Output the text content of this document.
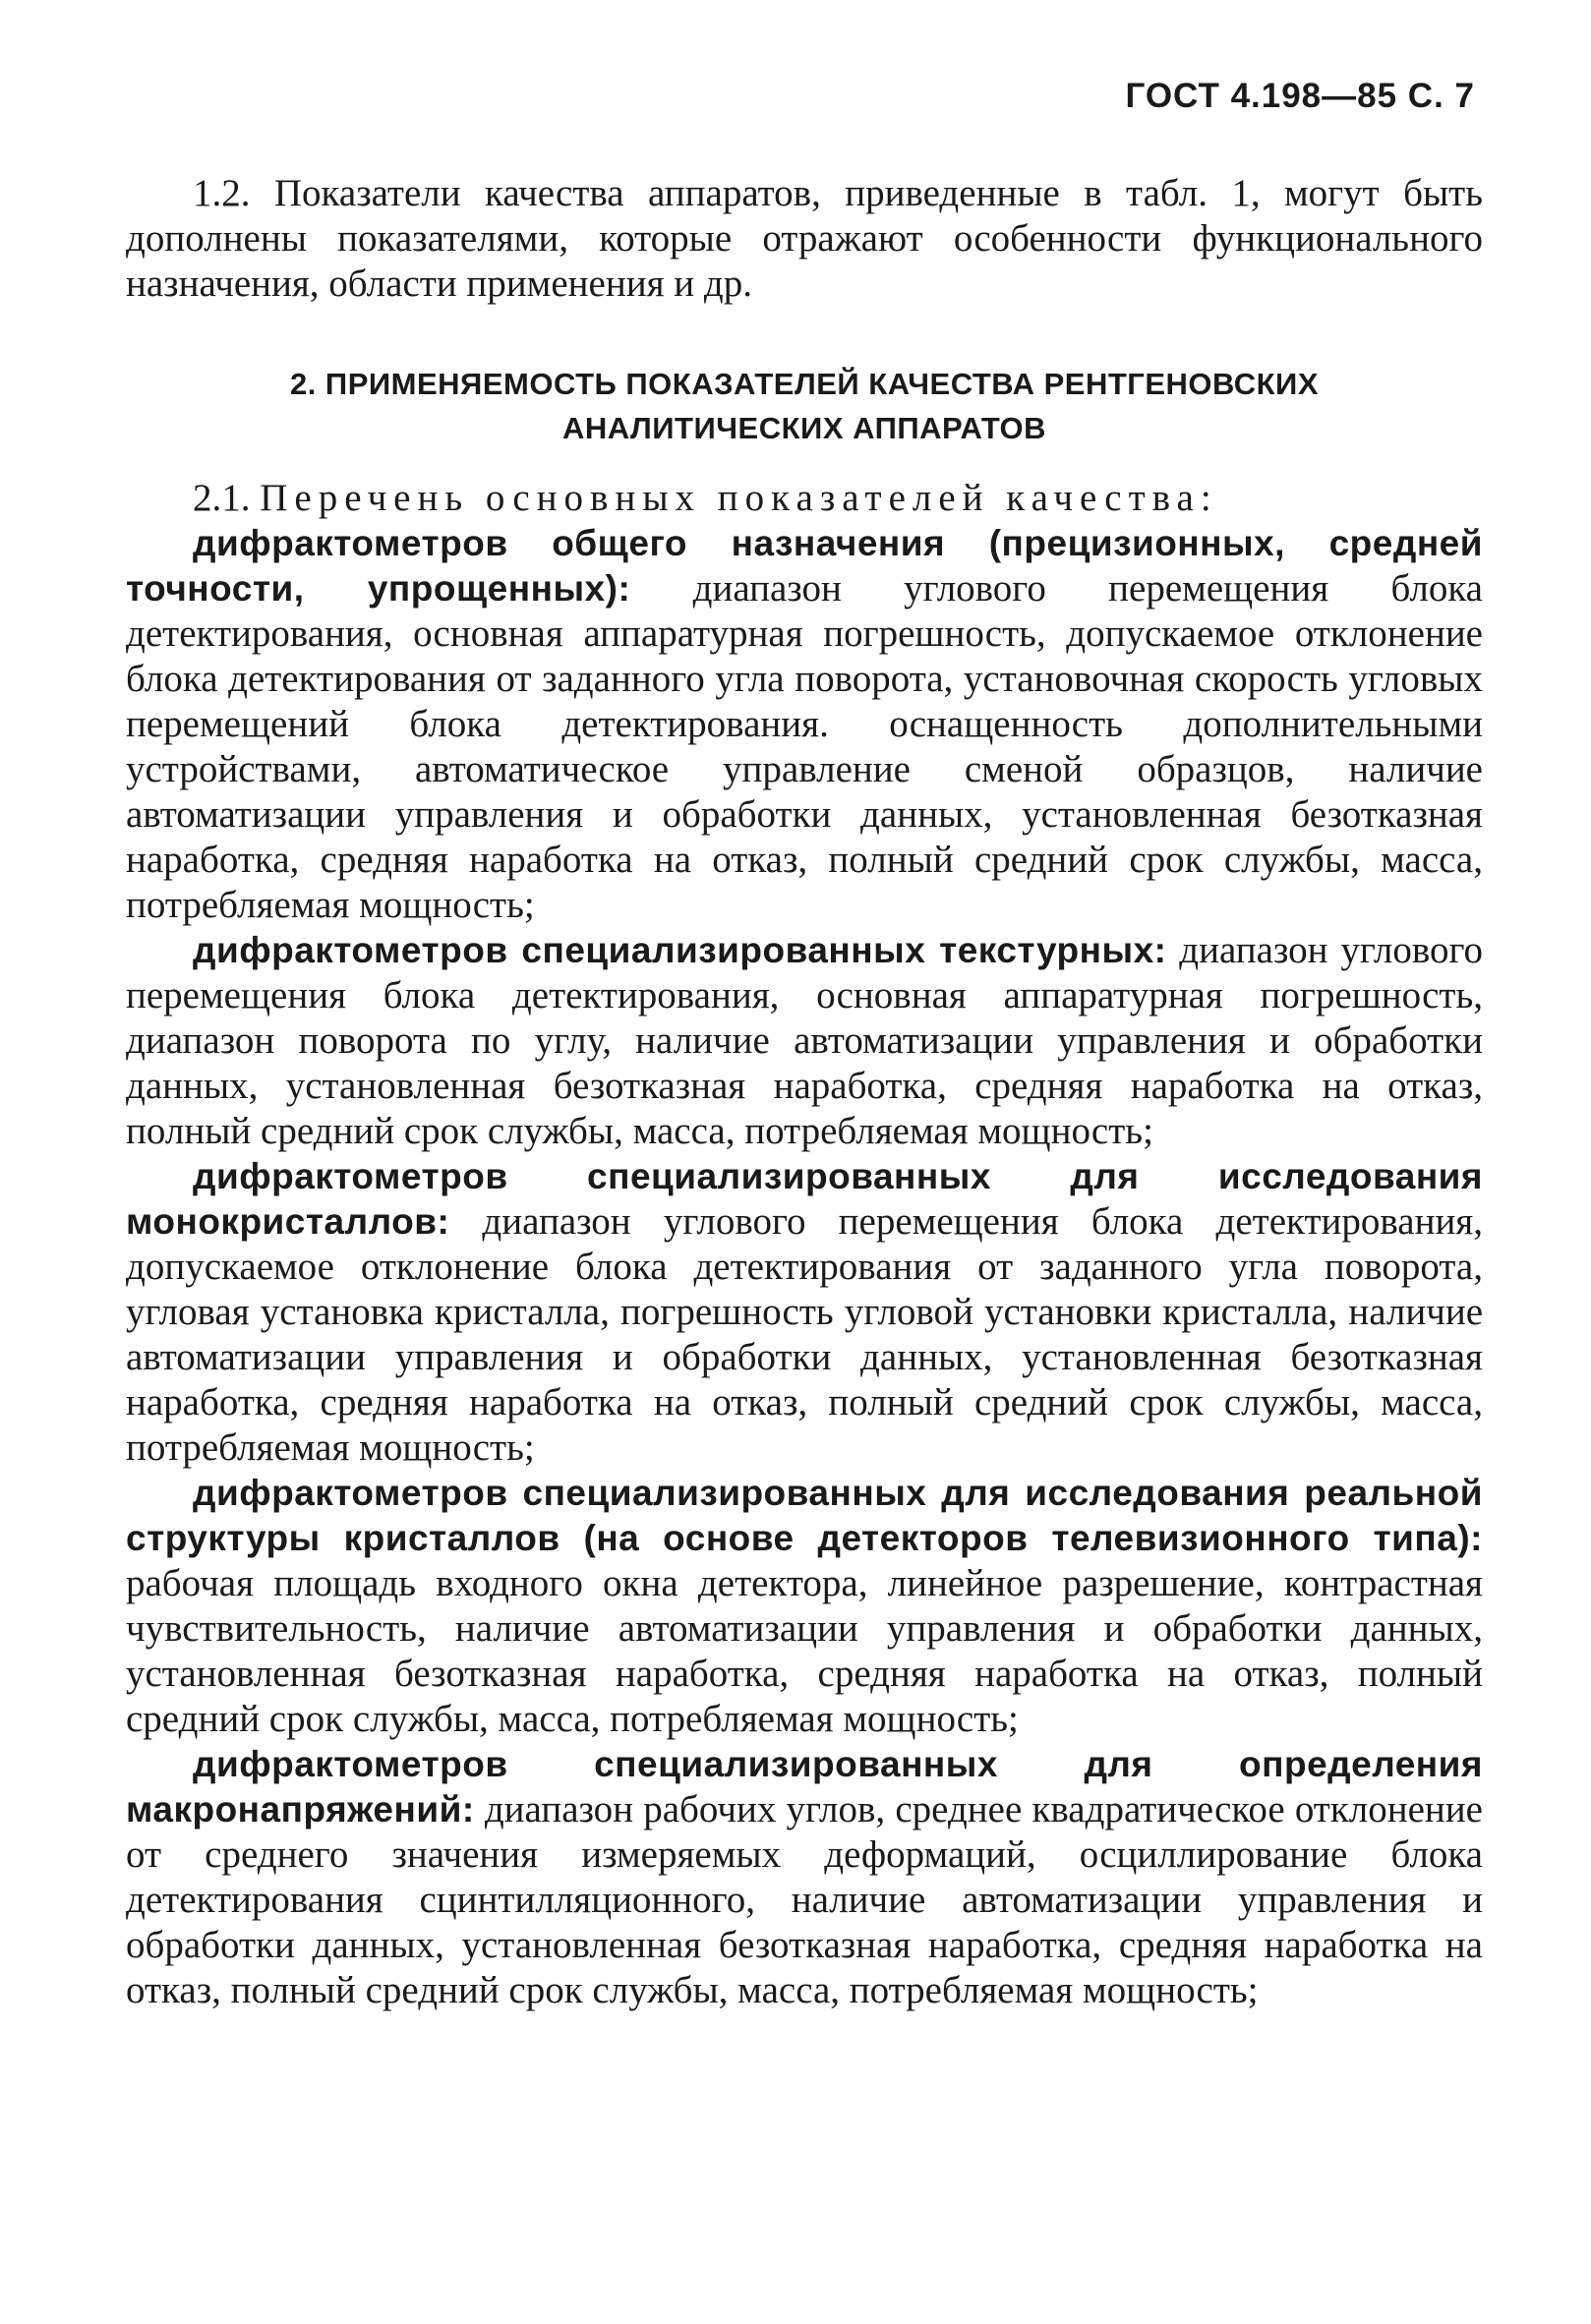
ГОСТ 4.198—85 С. 7

1.2. Показатели качества аппаратов, приведенные в табл. 1, могут быть дополнены показателями, которые отражают особенности функционального назначения, области применения и др.

2. ПРИМЕНЯЕМОСТЬ ПОКАЗАТЕЛЕЙ КАЧЕСТВА РЕНТГЕНОВСКИХ
АНАЛИТИЧЕСКИХ АППАРАТОВ

2.1. Перечень основных показателей качества:

дифрактометров общего назначения (прецизионных, средней точности, упрощенных): диапазон углового перемещения блока детектирования, основная аппаратурная погрешность, допускаемое отклонение блока детектирования от заданного угла поворота, установочная скорость угловых перемещений блока детектирования. оснащенность дополнительными устройствами, автоматическое управление сменой образцов, наличие автоматизации управления и обработки данных, установленная безотказная наработка, средняя наработка на отказ, полный средний срок службы, масса, потребляемая мощность;

дифрактометров специализированных текстурных: диапазон углового перемещения блока детектирования, основная аппаратурная погрешность, диапазон поворота по углу, наличие автоматизации управления и обработки данных, установленная безотказная наработка, средняя наработка на отказ, полный средний срок службы, масса, потребляемая мощность;

дифрактометров специализированных для исследования монокристаллов: диапазон углового перемещения блока детектирования, допускаемое отклонение блока детектирования от заданного угла поворота, угловая установка кристалла, погрешность угловой установки кристалла, наличие автоматизации управления и обработки данных, установленная безотказная наработка, средняя наработка на отказ, полный средний срок службы, масса, потребляемая мощность;

дифрактометров специализированных для исследования реальной структуры кристаллов (на основе детекторов телевизионного типа): рабочая площадь входного окна детектора, линейное разрешение, контрастная чувствительность, наличие автоматизации управления и обработки данных, установленная безотказная наработка, средняя наработка на отказ, полный средний срок службы, масса, потребляемая мощность;

дифрактометров специализированных для определения макронапряжений: диапазон рабочих углов, среднее квадратическое отклонение от среднего значения измеряемых деформаций, осциллирование блока детектирования сцинтилляционного, наличие автоматизации управления и обработки данных, установленная безотказная наработка, средняя наработка на отказ, полный средний срок службы, масса, потребляемая мощность;
